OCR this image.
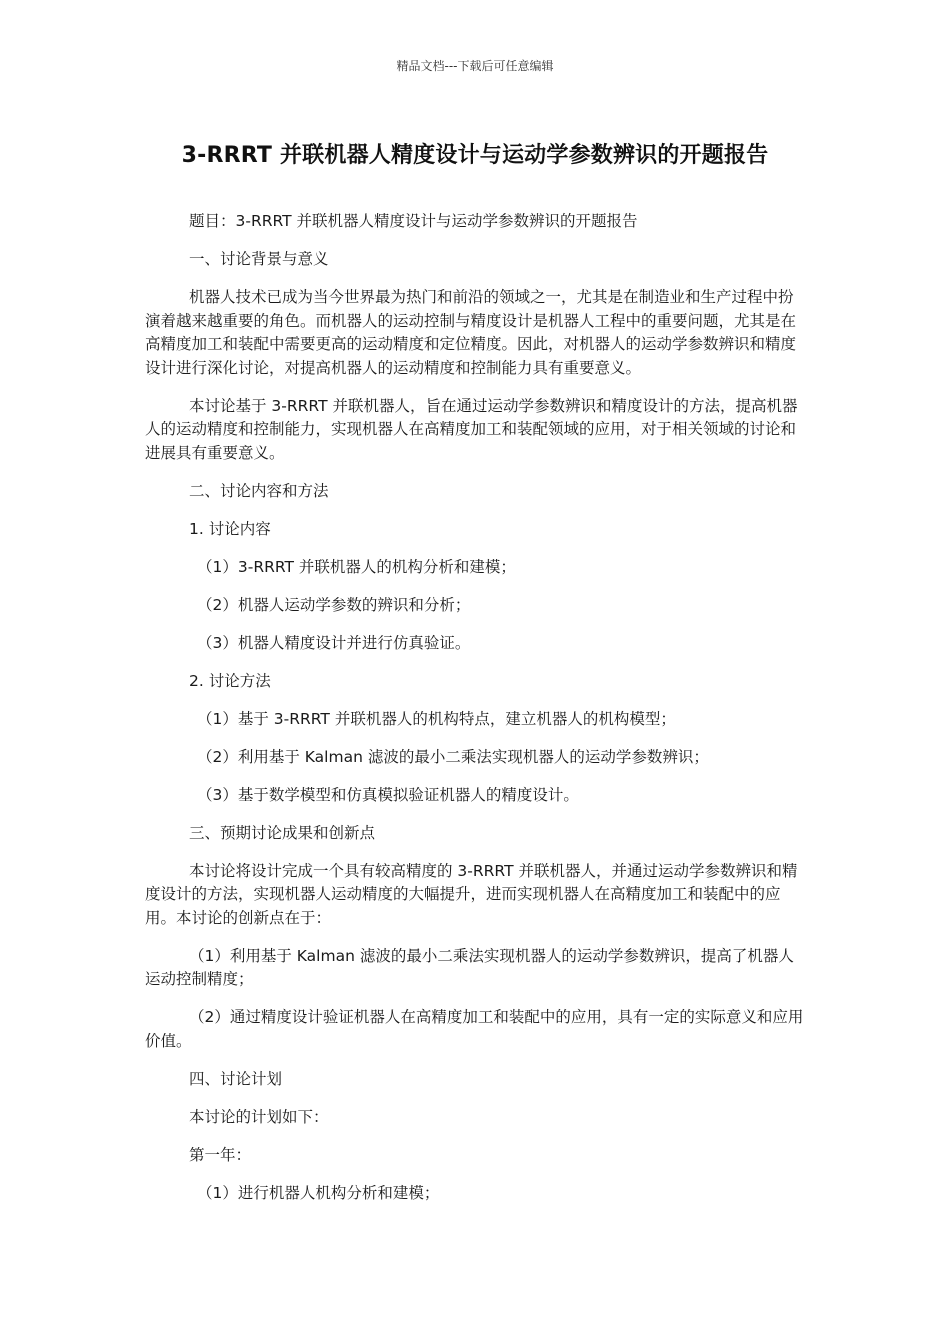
精品文档---下载后可任意编辑
3-RRRT 并联机器人精度设计与运动学参数辨识的开题报告

题目：3-RRRT 并联机器人精度设计与运动学参数辨识的开题报告

一、讨论背景与意义

机器人技术已成为当今世界最为热门和前沿的领域之一，尤其是在制造业和生产过程中扮演着越来越重要的角色。而机器人的运动控制与精度设计是机器人工程中的重要问题，尤其是在高精度加工和装配中需要更高的运动精度和定位精度。因此，对机器人的运动学参数辨识和精度设计进行深化讨论，对提高机器人的运动精度和控制能力具有重要意义。

本讨论基于 3-RRRT 并联机器人，旨在通过运动学参数辨识和精度设计的方法，提高机器人的运动精度和控制能力，实现机器人在高精度加工和装配领域的应用，对于相关领域的讨论和进展具有重要意义。

二、讨论内容和方法

1. 讨论内容

（1）3-RRRT 并联机器人的机构分析和建模；

（2）机器人运动学参数的辨识和分析；

（3）机器人精度设计并进行仿真验证。

2. 讨论方法

（1）基于 3-RRRT 并联机器人的机构特点，建立机器人的机构模型；

（2）利用基于 Kalman 滤波的最小二乘法实现机器人的运动学参数辨识；

（3）基于数学模型和仿真模拟验证机器人的精度设计。

三、预期讨论成果和创新点

本讨论将设计完成一个具有较高精度的 3-RRRT 并联机器人，并通过运动学参数辨识和精度设计的方法，实现机器人运动精度的大幅提升，进而实现机器人在高精度加工和装配中的应用。本讨论的创新点在于：

（1）利用基于 Kalman 滤波的最小二乘法实现机器人的运动学参数辨识，提高了机器人运动控制精度；

（2）通过精度设计验证机器人在高精度加工和装配中的应用，具有一定的实际意义和应用价值。

四、讨论计划

本讨论的计划如下：

第一年：

（1）进行机器人机构分析和建模；
